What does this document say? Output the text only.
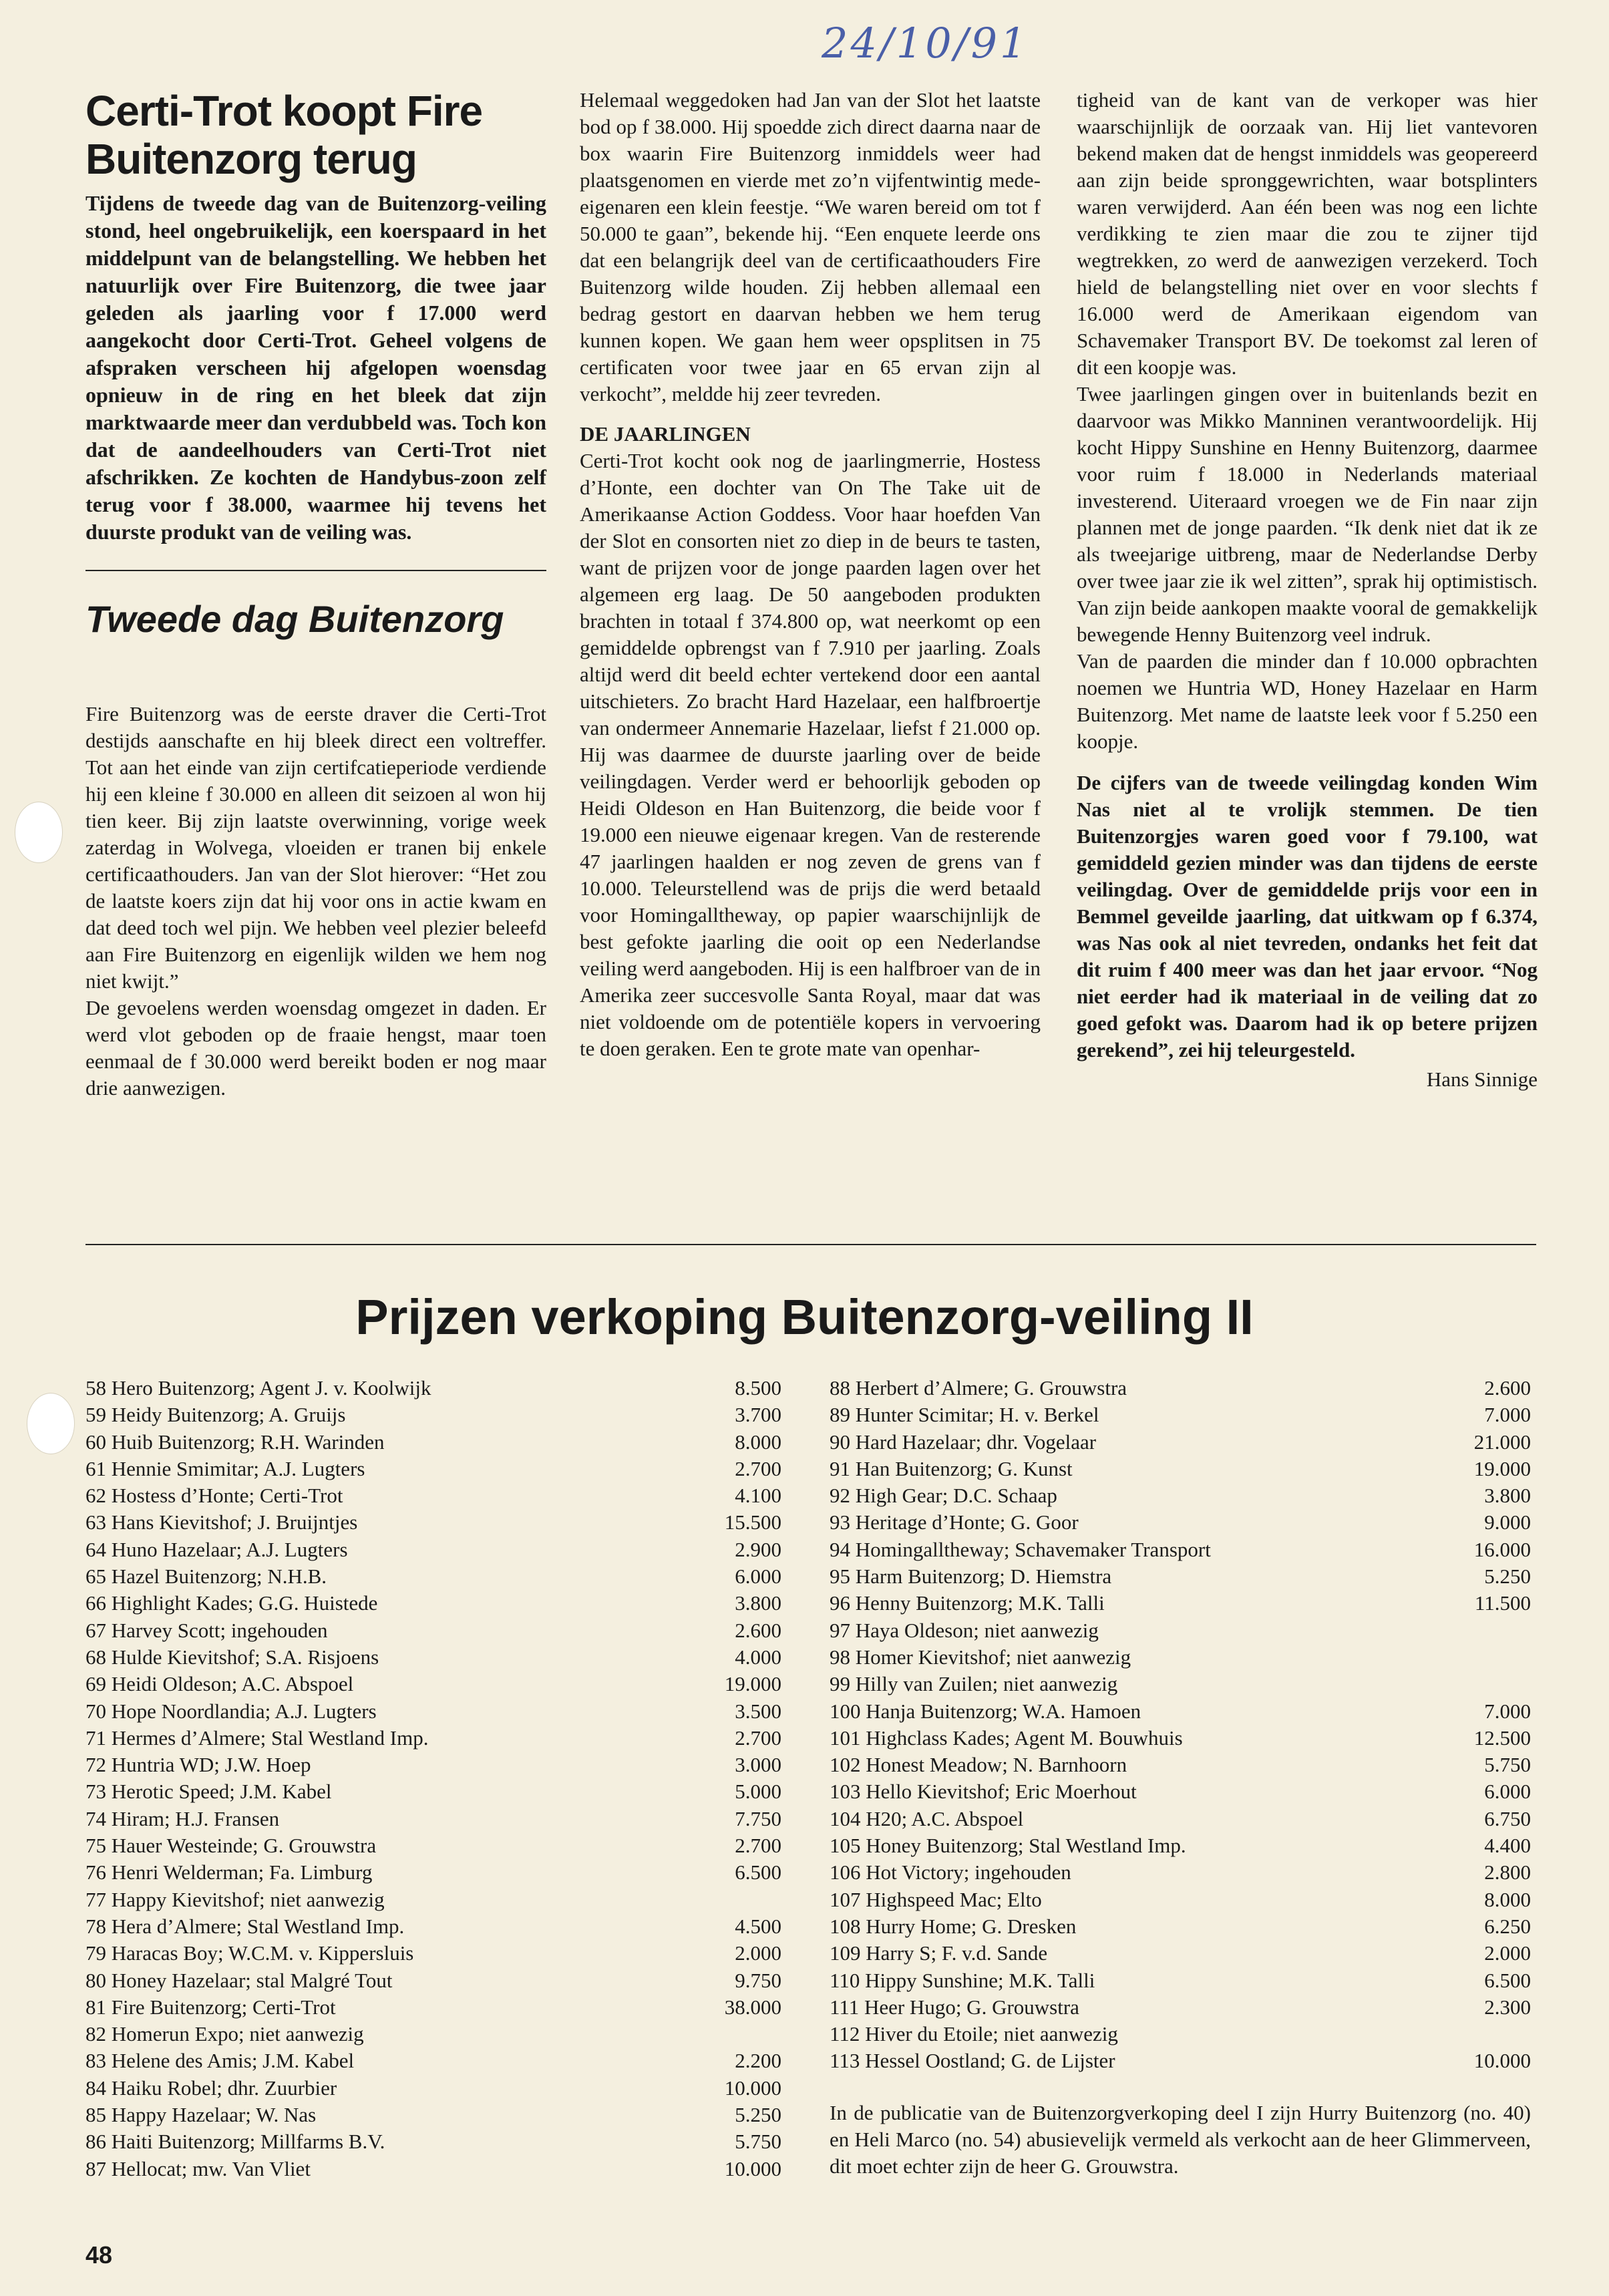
24/10/91
Certi-Trot koopt Fire Buitenzorg terug

Tijdens de tweede dag van de Buitenzorg-veiling stond, heel ongebruikelijk, een koerspaard in het middelpunt van de belangstelling. We hebben het natuurlijk over Fire Buitenzorg, die twee jaar geleden als jaarling voor f 17.000 werd aangekocht door Certi-Trot. Geheel volgens de afspraken verscheen hij afgelopen woensdag opnieuw in de ring en het bleek dat zijn marktwaarde meer dan verdubbeld was. Toch kon dat de aandeelhouders van Certi-Trot niet afschrikken. Ze kochten de Handybus-zoon zelf terug voor f 38.000, waarmee hij tevens het duurste produkt van de veiling was.

Tweede dag Buitenzorg

Fire Buitenzorg was de eerste draver die Certi-Trot destijds aanschafte en hij bleek direct een voltreffer. Tot aan het einde van zijn certifcatieperiode verdiende hij een kleine f 30.000 en alleen dit seizoen al won hij tien keer. Bij zijn laatste overwinning, vorige week zaterdag in Wolvega, vloeiden er tranen bij enkele certificaathouders. Jan van der Slot hierover: “Het zou de laatste koers zijn dat hij voor ons in actie kwam en dat deed toch wel pijn. We hebben veel plezier beleefd aan Fire Buitenzorg en eigenlijk wilden we hem nog niet kwijt.”

De gevoelens werden woensdag omgezet in daden. Er werd vlot geboden op de fraaie hengst, maar toen eenmaal de f 30.000 werd bereikt boden er nog maar drie aanwezigen.

Helemaal weggedoken had Jan van der Slot het laatste bod op f 38.000. Hij spoedde zich direct daarna naar de box waarin Fire Buitenzorg inmiddels weer had plaatsgenomen en vierde met zo’n vijfentwintig mede-eigenaren een klein feestje. “We waren bereid om tot f 50.000 te gaan”, bekende hij. “Een enquete leerde ons dat een belangrijk deel van de certificaathouders Fire Buitenzorg wilde houden. Zij hebben allemaal een bedrag gestort en daarvan hebben we hem terug kunnen kopen. We gaan hem weer opsplitsen in 75 certificaten voor twee jaar en 65 ervan zijn al verkocht”, meldde hij zeer tevreden.

DE JAARLINGEN

Certi-Trot kocht ook nog de jaarlingmerrie, Hostess d’Honte, een dochter van On The Take uit de Amerikaanse Action Goddess. Voor haar hoefden Van der Slot en consorten niet zo diep in de beurs te tasten, want de prijzen voor de jonge paarden lagen over het algemeen erg laag. De 50 aangeboden produkten brachten in totaal f 374.800 op, wat neerkomt op een gemiddelde opbrengst van f 7.910 per jaarling. Zoals altijd werd dit beeld echter vertekend door een aantal uitschieters. Zo bracht Hard Hazelaar, een halfbroertje van ondermeer Annemarie Hazelaar, liefst f 21.000 op. Hij was daarmee de duurste jaarling over de beide veilingdagen. Verder werd er behoorlijk geboden op Heidi Oldeson en Han Buitenzorg, die beide voor f 19.000 een nieuwe eigenaar kregen. Van de resterende 47 jaarlingen haalden er nog zeven de grens van f 10.000. Teleurstellend was de prijs die werd betaald voor Homingalltheway, op papier waarschijnlijk de best gefokte jaarling die ooit op een Nederlandse veiling werd aangeboden. Hij is een halfbroer van de in Amerika zeer succesvolle Santa Royal, maar dat was niet voldoende om de potentiële kopers in vervoering te doen geraken. Een te grote mate van openhar-

tigheid van de kant van de verkoper was hier waarschijnlijk de oorzaak van. Hij liet vantevoren bekend maken dat de hengst inmiddels was geopereerd aan zijn beide spronggewrichten, waar botsplinters waren verwijderd. Aan één been was nog een lichte verdikking te zien maar die zou te zijner tijd wegtrekken, zo werd de aanwezigen verzekerd. Toch hield de belangstelling niet over en voor slechts f 16.000 werd de Amerikaan eigendom van Schavemaker Transport BV. De toekomst zal leren of dit een koopje was.

Twee jaarlingen gingen over in buitenlands bezit en daarvoor was Mikko Manninen verantwoordelijk. Hij kocht Hippy Sunshine en Henny Buitenzorg, daarmee voor ruim f 18.000 in Nederlands materiaal investerend. Uiteraard vroegen we de Fin naar zijn plannen met de jonge paarden. “Ik denk niet dat ik ze als tweejarige uitbreng, maar de Nederlandse Derby over twee jaar zie ik wel zitten”, sprak hij optimistisch. Van zijn beide aankopen maakte vooral de gemakkelijk bewegende Henny Buitenzorg veel indruk.

Van de paarden die minder dan f 10.000 opbrachten noemen we Huntria WD, Honey Hazelaar en Harm Buitenzorg. Met name de laatste leek voor f 5.250 een koopje.

De cijfers van de tweede veilingdag konden Wim Nas niet al te vrolijk stemmen. De tien Buitenzorgjes waren goed voor f 79.100, wat gemiddeld gezien minder was dan tijdens de eerste veilingdag. Over de gemiddelde prijs voor een in Bemmel geveilde jaarling, dat uitkwam op f 6.374, was Nas ook al niet tevreden, ondanks het feit dat dit ruim f 400 meer was dan het jaar ervoor. “Nog niet eerder had ik materiaal in de veiling dat zo goed gefokt was. Daarom had ik op betere prijzen gerekend”, zei hij teleurgesteld.

Hans Sinnige
Prijzen verkoping Buitenzorg-veiling II
58 Hero Buitenzorg; Agent J. v. Koolwijk	8.500
59 Heidy Buitenzorg; A. Gruijs	3.700
60 Huib Buitenzorg; R.H. Warinden	8.000
61 Hennie Smimitar; A.J. Lugters	2.700
62 Hostess d’Honte; Certi-Trot	4.100
63 Hans Kievitshof; J. Bruijntjes	15.500
64 Huno Hazelaar; A.J. Lugters	2.900
65 Hazel Buitenzorg; N.H.B.	6.000
66 Highlight Kades; G.G. Huistede	3.800
67 Harvey Scott; ingehouden	2.600
68 Hulde Kievitshof; S.A. Risjoens	4.000
69 Heidi Oldeson; A.C. Abspoel	19.000
70 Hope Noordlandia; A.J. Lugters	3.500
71 Hermes d’Almere; Stal Westland Imp.	2.700
72 Huntria WD; J.W. Hoep	3.000
73 Herotic Speed; J.M. Kabel	5.000
74 Hiram; H.J. Fransen	7.750
75 Hauer Westeinde; G. Grouwstra	2.700
76 Henri Welderman; Fa. Limburg	6.500
77 Happy Kievitshof; niet aanwezig
78 Hera d’Almere; Stal Westland Imp.	4.500
79 Haracas Boy; W.C.M. v. Kippersluis	2.000
80 Honey Hazelaar; stal Malgré Tout	9.750
81 Fire Buitenzorg; Certi-Trot	38.000
82 Homerun Expo; niet aanwezig
83 Helene des Amis; J.M. Kabel	2.200
84 Haiku Robel; dhr. Zuurbier	10.000
85 Happy Hazelaar; W. Nas	5.250
86 Haiti Buitenzorg; Millfarms B.V.	5.750
87 Hellocat; mw. Van Vliet	10.000
88 Herbert d’Almere; G. Grouwstra	2.600
89 Hunter Scimitar; H. v. Berkel	7.000
90 Hard Hazelaar; dhr. Vogelaar	21.000
91 Han Buitenzorg; G. Kunst	19.000
92 High Gear; D.C. Schaap	3.800
93 Heritage d’Honte; G. Goor	9.000
94 Homingalltheway; Schavemaker Transport	16.000
95 Harm Buitenzorg; D. Hiemstra	5.250
96 Henny Buitenzorg; M.K. Talli	11.500
97 Haya Oldeson; niet aanwezig
98 Homer Kievitshof; niet aanwezig
99 Hilly van Zuilen; niet aanwezig
100 Hanja Buitenzorg; W.A. Hamoen	7.000
101 Highclass Kades; Agent M. Bouwhuis	12.500
102 Honest Meadow; N. Barnhoorn	5.750
103 Hello Kievitshof; Eric Moerhout	6.000
104 H20; A.C. Abspoel	6.750
105 Honey Buitenzorg; Stal Westland Imp.	4.400
106 Hot Victory; ingehouden	2.800
107 Highspeed Mac; Elto	8.000
108 Hurry Home; G. Dresken	6.250
109 Harry S; F. v.d. Sande	2.000
110 Hippy Sunshine; M.K. Talli	6.500
111 Heer Hugo; G. Grouwstra	2.300
112 Hiver du Etoile; niet aanwezig
113 Hessel Oostland; G. de Lijster	10.000

In de publicatie van de Buitenzorgverkoping deel I zijn Hurry Buitenzorg (no. 40) en Heli Marco (no. 54) abusievelijk vermeld als verkocht aan de heer Glimmerveen, dit moet echter zijn de heer G. Grouwstra.

48
